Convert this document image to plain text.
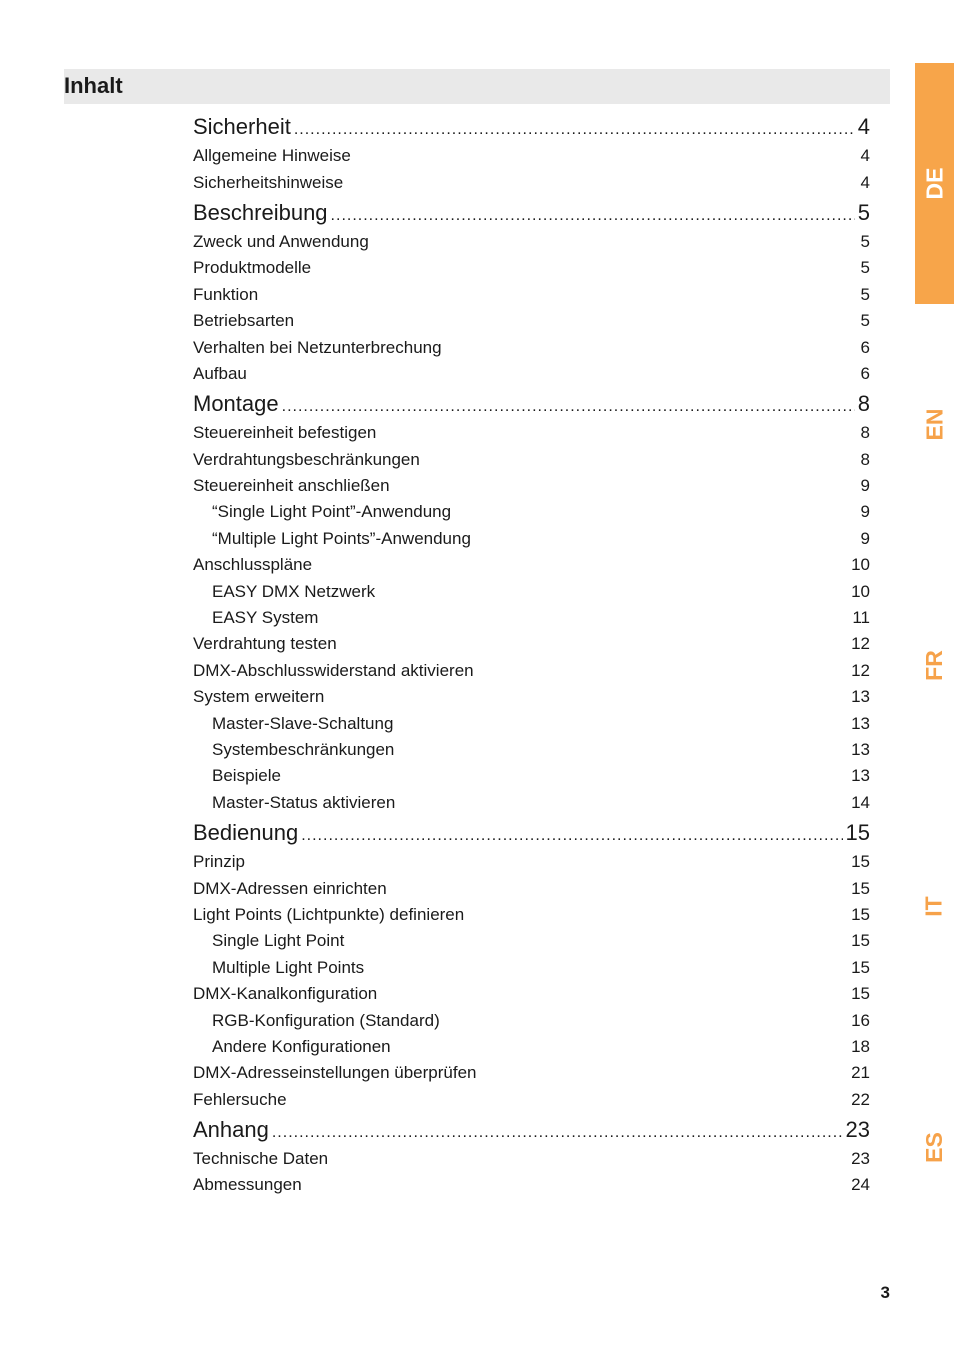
Inhalt
Sicherheit .....	4
Allgemeine Hinweise	4
Sicherheitshinweise	4
Beschreibung .....	5
Zweck und Anwendung	5
Produktmodelle	5
Funktion	5
Betriebsarten	5
Verhalten bei Netzunterbrechung	6
Aufbau	6
Montage .....	8
Steuereinheit befestigen	8
Verdrahtungsbeschränkungen	8
Steuereinheit anschließen	9
“Single Light Point”-Anwendung	9
“Multiple Light Points”-Anwendung	9
Anschlusspläne	10
EASY DMX Netzwerk	10
EASY System	11
Verdrahtung testen	12
DMX-Abschlusswiderstand aktivieren	12
System erweitern	13
Master-Slave-Schaltung	13
Systembeschränkungen	13
Beispiele	13
Master-Status aktivieren	14
Bedienung .....	15
Prinzip	15
DMX-Adressen einrichten	15
Light Points (Lichtpunkte) definieren	15
Single Light Point	15
Multiple Light Points	15
DMX-Kanalkonfiguration	15
RGB-Konfiguration (Standard)	16
Andere Konfigurationen	18
DMX-Adresseinstellungen überprüfen	21
Fehlersuche	22
Anhang .....	23
Technische Daten	23
Abmessungen	24
DE
EN
FR
IT
ES
3
